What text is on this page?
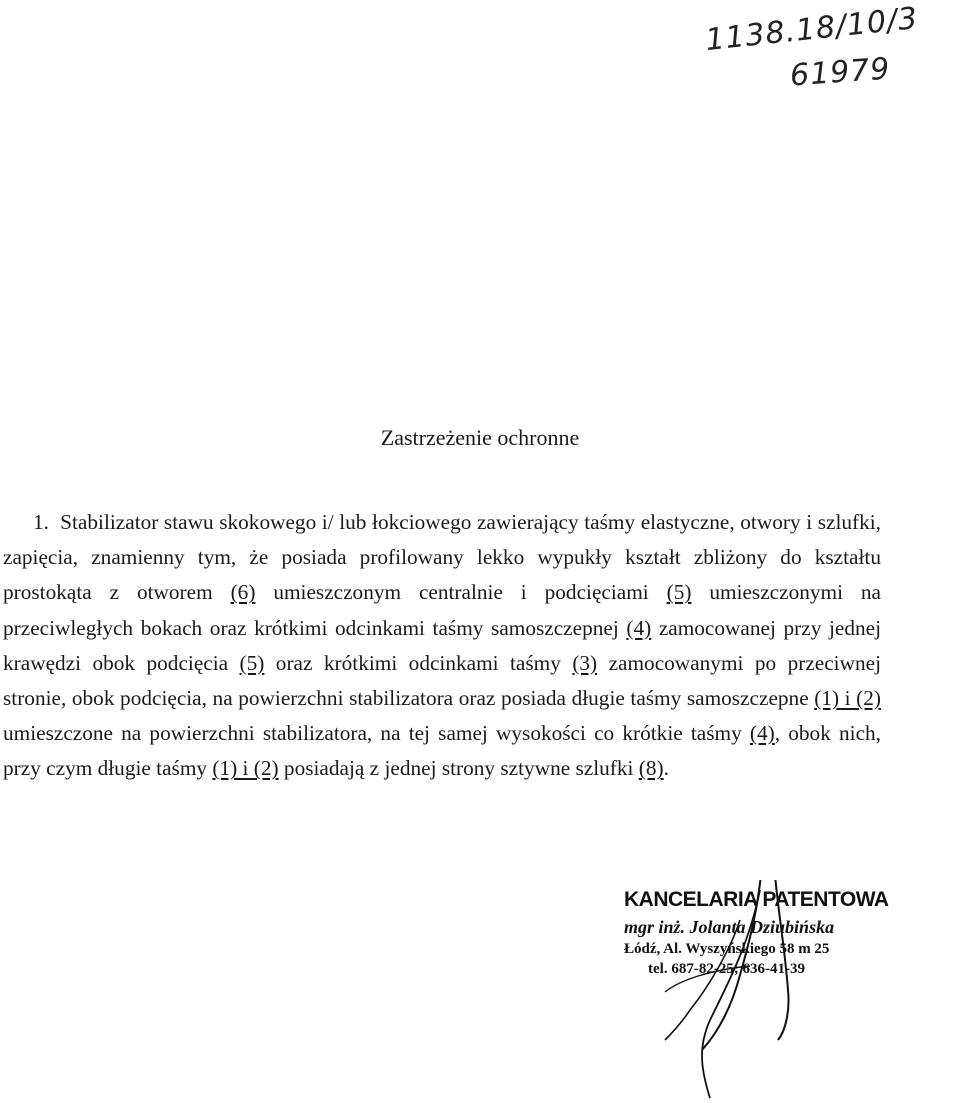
1138.18/10/3
61979
Zastrzeżenie ochronne

1. Stabilizator stawu skokowego i/ lub łokciowego zawierający taśmy elastyczne, otwory i szlufki, zapięcia, znamienny tym, że posiada profilowany lekko wypukły kształt zbliżony do kształtu prostokąta z otworem (6) umieszczonym centralnie i podcięciami (5) umieszczonymi na przeciwległych bokach oraz krótkimi odcinkami taśmy samoszczepnej (4) zamocowanej przy jednej krawędzi obok podcięcia (5) oraz krótkimi odcinkami taśmy (3) zamocowanymi po przeciwnej stronie, obok podcięcia, na powierzchni stabilizatora oraz posiada długie taśmy samoszczepne (1) i (2) umieszczone na powierzchni stabilizatora, na tej samej wysokości co krótkie taśmy (4), obok nich, przy czym długie taśmy (1) i (2) posiadają z jednej strony sztywne szlufki (8).

KANCELARIA PATENTOWA
mgr inż. Jolanta Dziubińska
Łódź, Al. Wyszyńskiego 58 m 25
tel. 687-82-25; 636-41-39
